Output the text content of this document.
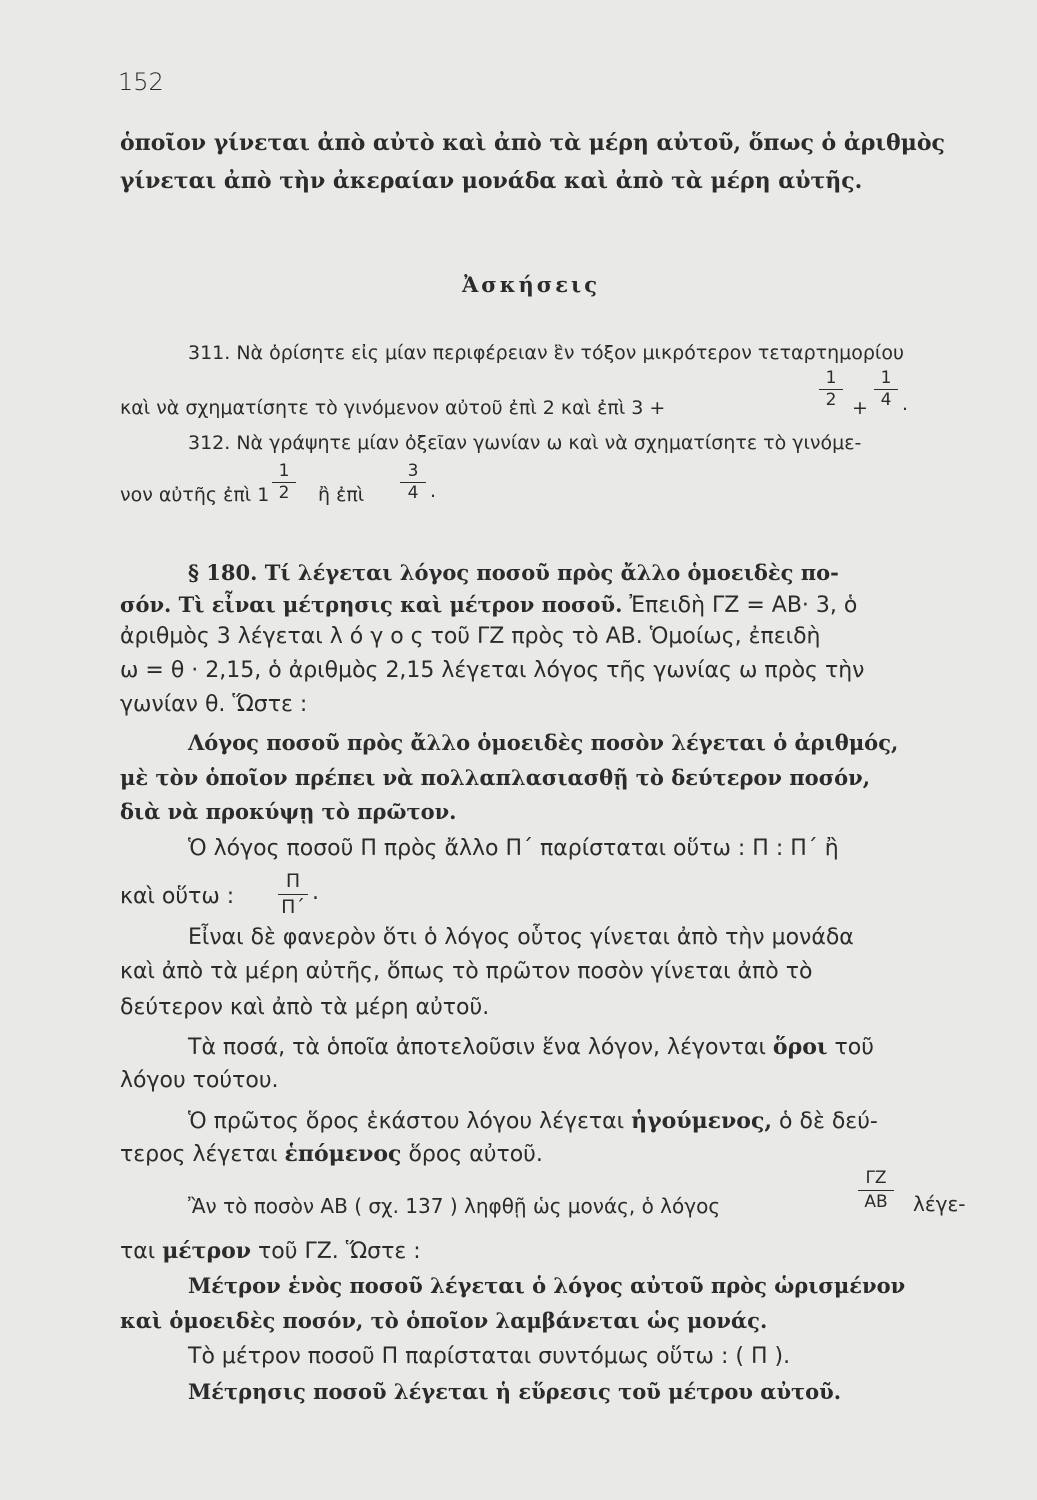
152
ὁποῖον γίνεται ἀπὸ αὐτὸ καὶ ἀπὸ τὰ μέρη αὐτοῦ, ὅπως ὁ ἀριθμὸς
γίνεται ἀπὸ τὴν ἀκεραίαν μονάδα καὶ ἀπὸ τὰ μέρη αὐτῆς.
Ἀσκήσεις
311. Νὰ ὁρίσητε εἰς μίαν περιφέρειαν ἓν τόξον μικρότερον τεταρτημορίου
καὶ νὰ σχηματίσητε τὸ γινόμενον αὐτοῦ ἐπὶ 2 καὶ ἐπὶ 3 +
1
2 +
1
4 .
312. Νὰ γράψητε μίαν ὀξεῖαν γωνίαν ω καὶ νὰ σχηματίσητε τὸ γινόμε-
νον αὐτῆς ἐπὶ 1
1
2	ἢ ἐπὶ
3
4 .
§ 180. Τί λέγεται λόγος ποσοῦ πρὸς ἄλλο ὁμοειδὲς πο-
σόν. Τὶ εἶναι μέτρησις καὶ μέτρον ποσοῦ. Ἐπειδὴ ΓΖ = ΑΒ· 3, ὁ
ἀριθμὸς 3 λέγεται λ ό γ ο ς τοῦ ΓΖ πρὸς τὸ ΑΒ. Ὁμοίως, ἐπειδὴ
ω = θ · 2,15, ὁ ἀριθμὸς 2,15 λέγεται λόγος τῆς γωνίας ω πρὸς τὴν
γωνίαν θ. Ὥστε :
Λόγος ποσοῦ πρὸς ἄλλο ὁμοειδὲς ποσὸν λέγεται ὁ ἀριθμός,
μὲ τὸν ὁποῖον πρέπει νὰ πολλαπλασιασθῇ τὸ δεύτερον ποσόν,
διὰ νὰ προκύψῃ τὸ πρῶτον.
Ὁ λόγος ποσοῦ Π πρὸς ἄλλο Π΄ παρίσταται οὕτω : Π : Π΄ ἢ
καὶ οὕτω :
Π
Π΄
.
Εἶναι δὲ φανερὸν ὅτι ὁ λόγος οὗτος γίνεται ἀπὸ τὴν μονάδα
καὶ ἀπὸ τὰ μέρη αὐτῆς, ὅπως τὸ πρῶτον ποσὸν γίνεται ἀπὸ τὸ
δεύτερον καὶ ἀπὸ τὰ μέρη αὐτοῦ.
Τὰ ποσά, τὰ ὁποῖα ἀποτελοῦσιν ἕνα λόγον, λέγονται ὅροι τοῦ
λόγου τούτου.
Ὁ πρῶτος ὅρος ἑκάστου λόγου λέγεται ἡγούμενος, ὁ δὲ δεύ-
τερος λέγεται ἑπόμενος ὅρος αὐτοῦ.
Ἂν τὸ ποσὸν ΑΒ ( σχ. 137 ) ληφθῇ ὡς μονάς, ὁ λόγος
ΓΖ
ΑΒ	λέγε-
ται μέτρον τοῦ ΓΖ. Ὥστε :
Μέτρον ἑνὸς ποσοῦ λέγεται ὁ λόγος αὐτοῦ πρὸς ὡρισμένον
καὶ ὁμοειδὲς ποσόν, τὸ ὁποῖον λαμβάνεται ὡς μονάς.
Τὸ μέτρον ποσοῦ Π παρίσταται συντόμως οὕτω : ( Π ).
Μέτρησις ποσοῦ λέγεται ἡ εὕρεσις τοῦ μέτρου αὐτοῦ.
